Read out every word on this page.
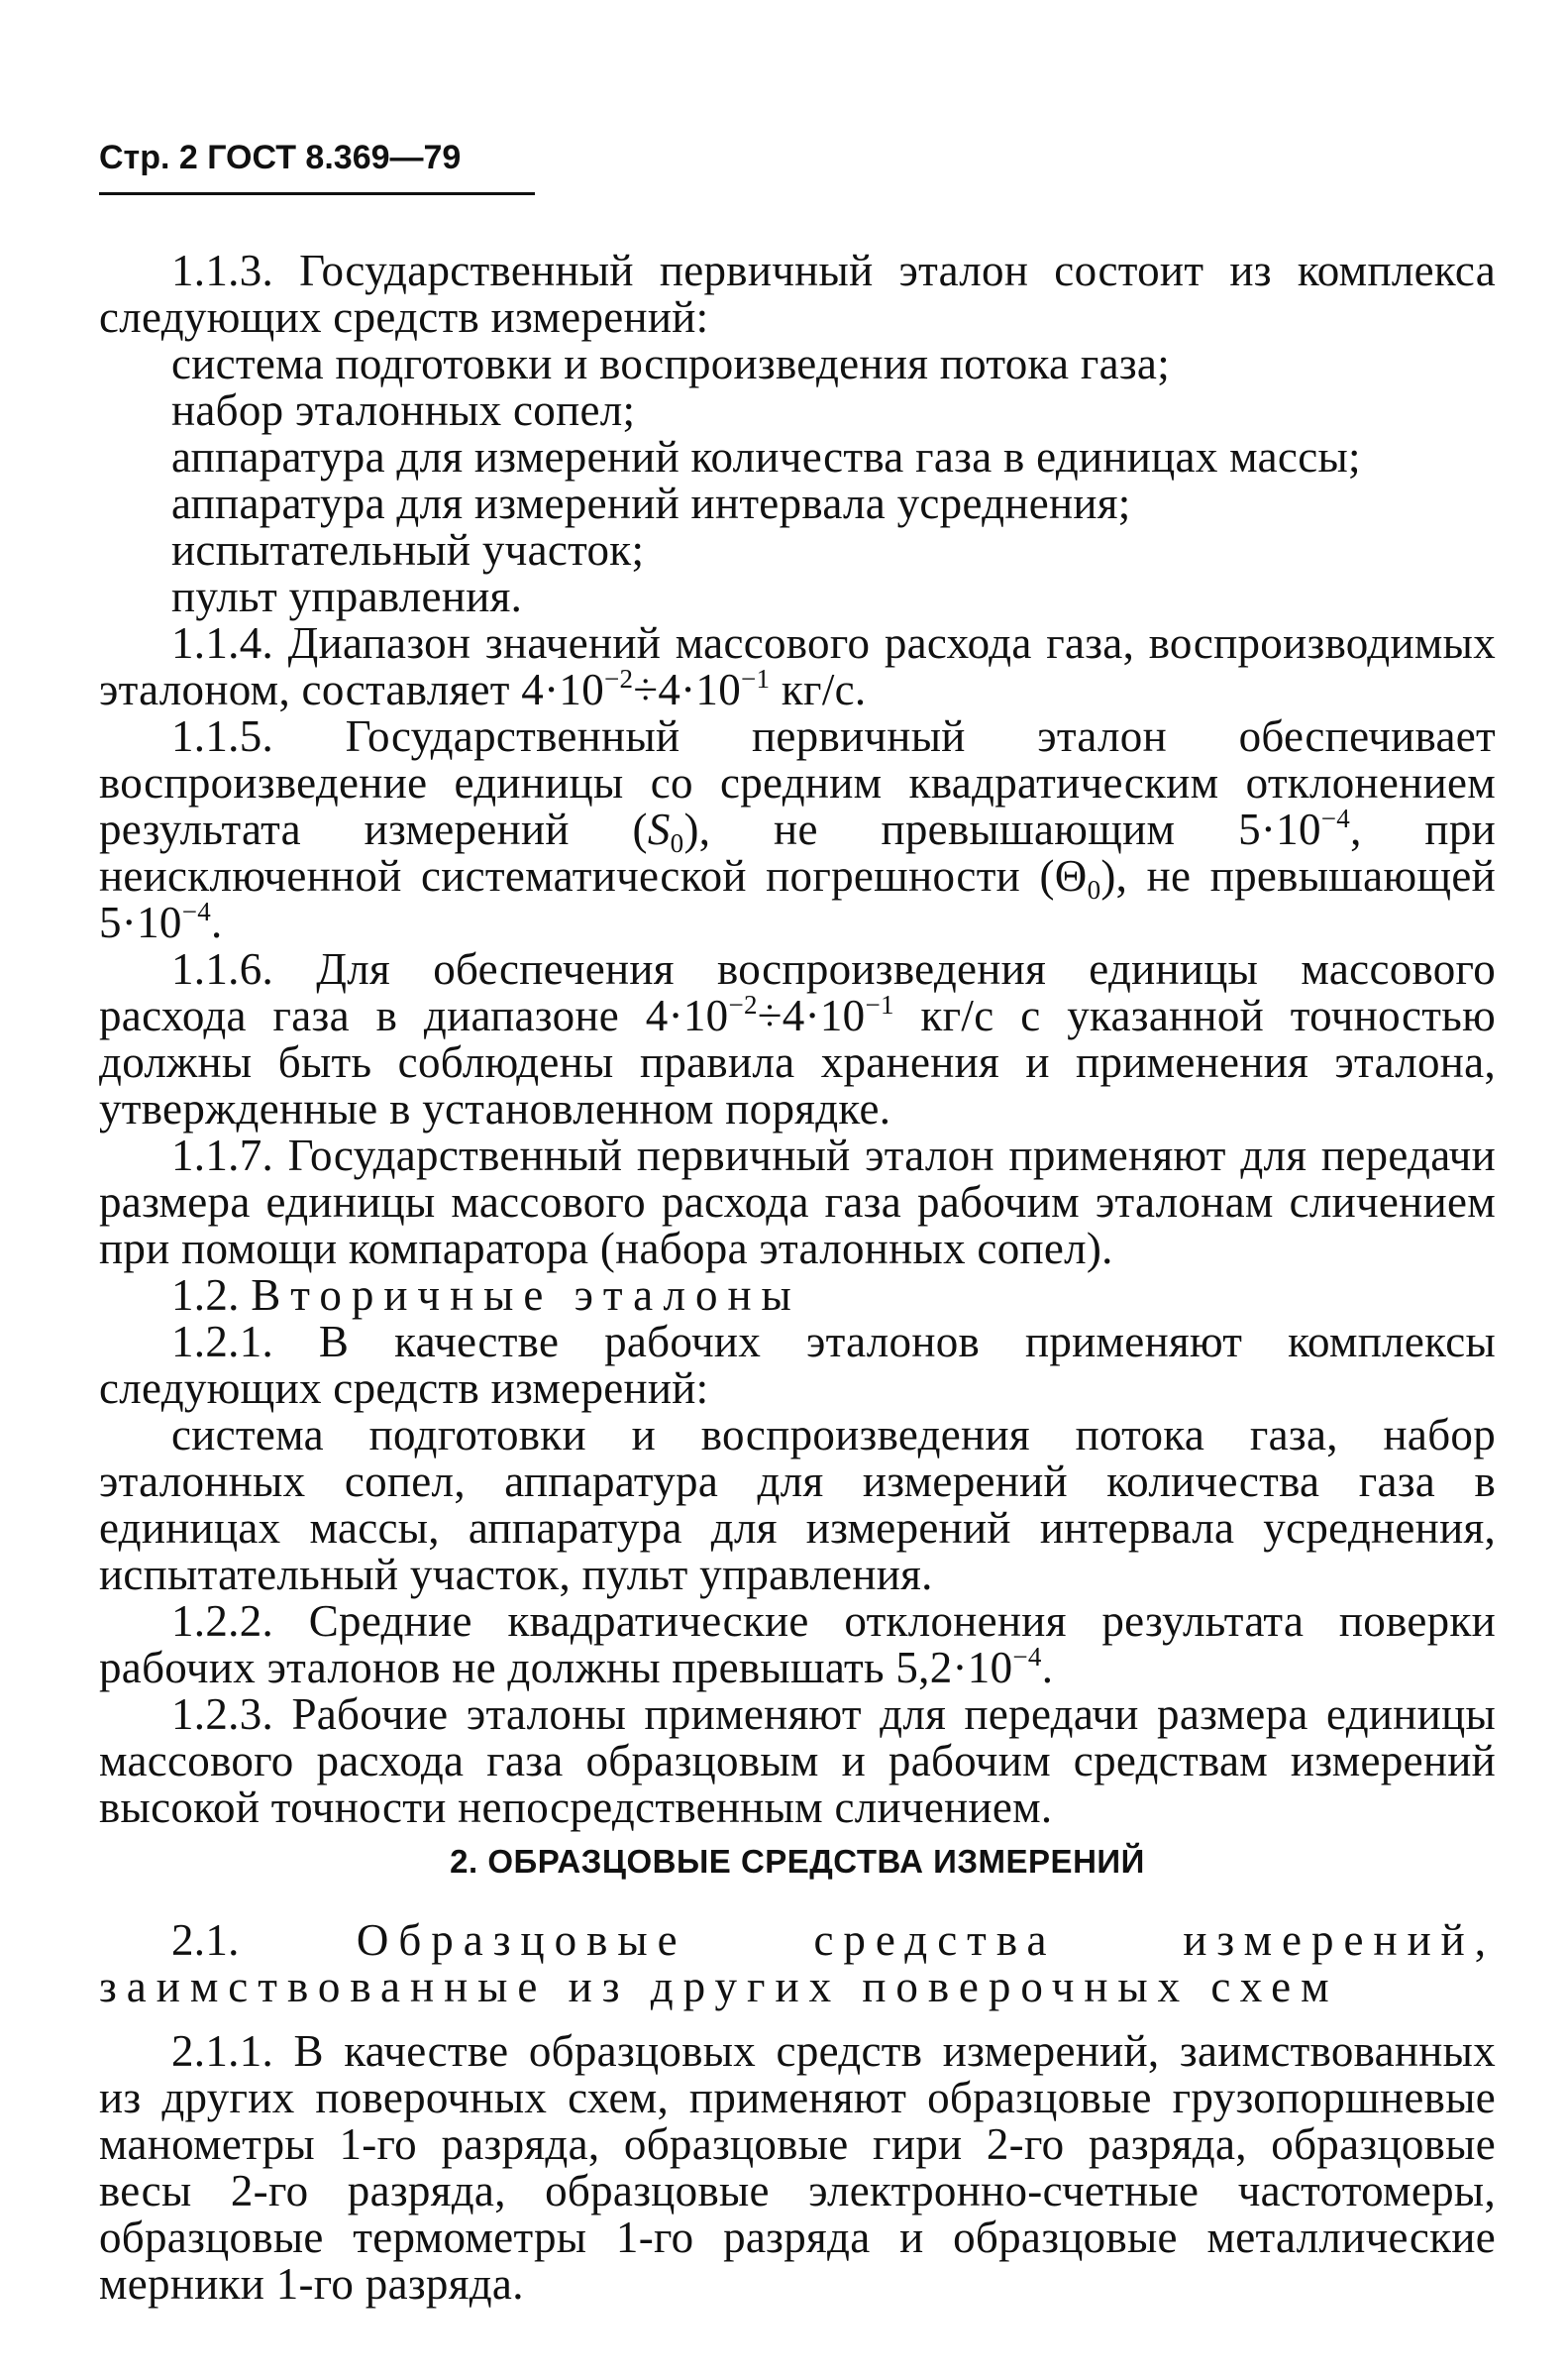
Стр. 2 ГОСТ 8.369—79

1.1.3. Государственный первичный эталон состоит из комплекса следующих средств измерений:

система подготовки и воспроизведения потока газа;

набор эталонных сопел;

аппаратура для измерений количества газа в единицах массы;

аппаратура для измерений интервала усреднения;

испытательный участок;

пульт управления.

1.1.4. Диапазон значений массового расхода газа, воспроизводимых эталоном, составляет $4\cdot 10^{-2}\div 4\cdot 10^{-1}$ кг/с.

1.1.5. Государственный первичный эталон обеспечивает воспроизведение единицы со средним квадратическим отклонением результата измерений $(S_0)$, не превышающим $5\cdot 10^{-4}$, при неисключенной систематической погрешности $(\Theta_0)$, не превышающей $5\cdot 10^{-4}$.

1.1.6. Для обеспечения воспроизведения единицы массового расхода газа в диапазоне $4\cdot 10^{-2}\div 4\cdot 10^{-1}$ кг/с с указанной точностью должны быть соблюдены правила хранения и применения эталона, утвержденные в установленном порядке.

1.1.7. Государственный первичный эталон применяют для передачи размера единицы массового расхода газа рабочим эталонам сличением при помощи компаратора (набора эталонных сопел).

1.2. Вторичные эталоны

1.2.1. В качестве рабочих эталонов применяют комплексы следующих средств измерений:

система подготовки и воспроизведения потока газа, набор эталонных сопел, аппаратура для измерений количества газа в единицах массы, аппаратура для измерений интервала усреднения, испытательный участок, пульт управления.

1.2.2. Средние квадратические отклонения результата поверки рабочих эталонов не должны превышать $5,2\cdot 10^{-4}$.

1.2.3. Рабочие эталоны применяют для передачи размера единицы массового расхода газа образцовым и рабочим средствам измерений высокой точности непосредственным сличением.

2. ОБРАЗЦОВЫЕ СРЕДСТВА ИЗМЕРЕНИЙ

2.1.	Образцовые средства измерений, заимствованные из других поверочных схем

2.1.1. В качестве образцовых средств измерений, заимствованных из других поверочных схем, применяют образцовые грузопоршневые манометры 1-го разряда, образцовые гири 2-го разряда, образцовые весы 2-го разряда, образцовые электронно-счетные частотомеры, образцовые термометры 1-го разряда и образцовые металлические мерники 1-го разряда.
